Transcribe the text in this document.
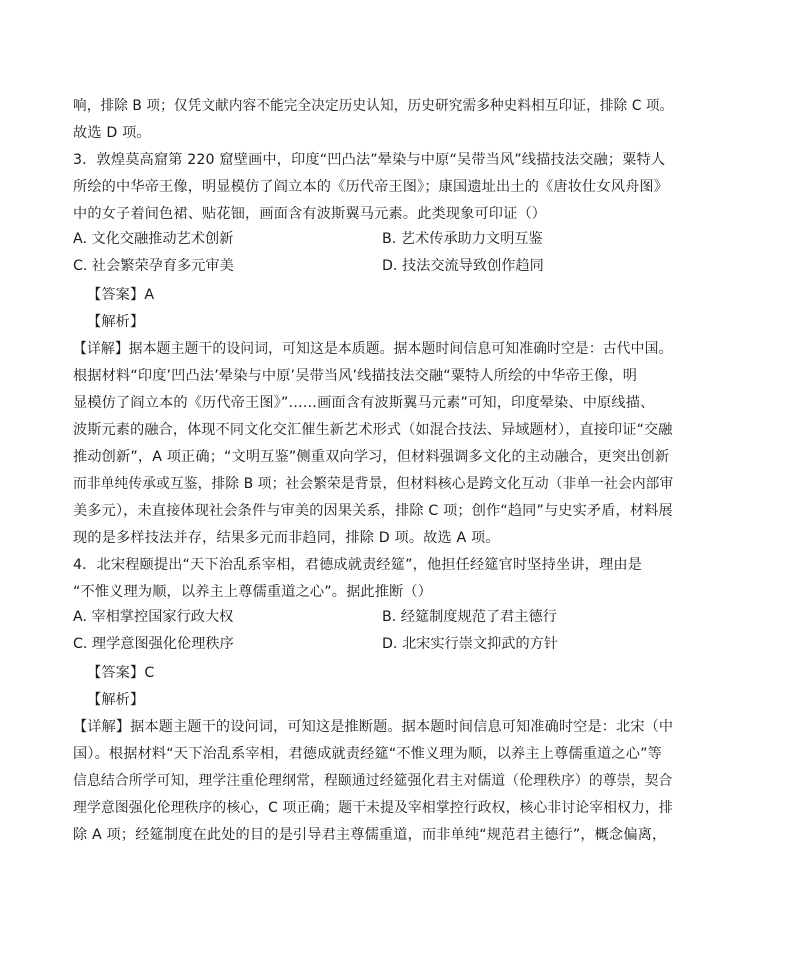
响，排除 B 项；仅凭文献内容不能完全决定历史认知，历史研究需多种史料相互印证，排除 C 项。

故选 D 项。

3．敦煌莫高窟第 220 窟壁画中，印度“凹凸法”晕染与中原“吴带当风”线描技法交融；粟特人

所绘的中华帝王像，明显模仿了阎立本的《历代帝王图》；康国遗址出土的《唐妆仕女风舟图》

中的女子着间色裙、贴花钿，画面含有波斯翼马元素。此类现象可印证（）

A. 文化交融推动艺术创新	B. 艺术传承助力文明互鉴
C. 社会繁荣孕育多元审美	D. 技法交流导致创作趋同

【答案】A

【解析】

【详解】据本题主题干的设问词，可知这是本质题。据本题时间信息可知准确时空是：古代中国。

根据材料“印度’凹凸法’晕染与中原’吴带当风’线描技法交融“粟特人所绘的中华帝王像，明

显模仿了阎立本的《历代帝王图》”……画面含有波斯翼马元素”可知，印度晕染、中原线描、

波斯元素的融合，体现不同文化交汇催生新艺术形式（如混合技法、异域题材），直接印证“交融

推动创新”，A 项正确；“文明互鉴”侧重双向学习，但材料强调多文化的主动融合，更突出创新

而非单纯传承或互鉴，排除 B 项；社会繁荣是背景，但材料核心是跨文化互动（非单一社会内部审

美多元），未直接体现社会条件与审美的因果关系，排除 C 项；创作“趋同”与史实矛盾，材料展

现的是多样技法并存，结果多元而非趋同，排除 D 项。故选 A 项。

4．北宋程颐提出“天下治乱系宰相，君德成就责经筵”，他担任经筵官时坚持坐讲，理由是

“不惟义理为顺，以养主上尊儒重道之心”。据此推断（）

A. 宰相掌控国家行政大权	B. 经筵制度规范了君主德行
C. 理学意图强化伦理秩序	D. 北宋实行崇文抑武的方针

【答案】C

【解析】

【详解】据本题主题干的设问词，可知这是推断题。据本题时间信息可知准确时空是：北宋（中

国）。根据材料“天下治乱系宰相，君德成就责经筵“不惟义理为顺，以养主上尊儒重道之心”等

信息结合所学可知，理学注重伦理纲常，程颐通过经筵强化君主对儒道（伦理秩序）的尊崇，契合

理学意图强化伦理秩序的核心，C 项正确；题干未提及宰相掌控行政权，核心非讨论宰相权力，排

除 A 项；经筵制度在此处的目的是引导君主尊儒重道，而非单纯“规范君主德行”，概念偏离，
